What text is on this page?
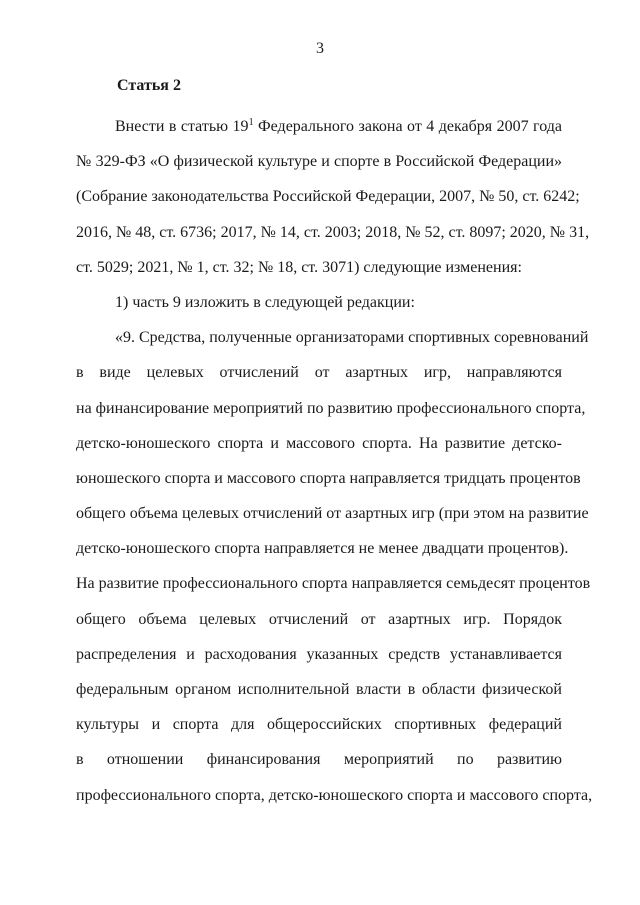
3
Статья 2
Внести в статью $19^1$ Федерального закона от 4 декабря 2007 года
№ 329-ФЗ «О физической культуре и спорте в Российской Федерации»
(Собрание законодательства Российской Федерации, 2007, № 50, ст. 6242;
2016, № 48, ст. 6736; 2017, № 14, ст. 2003; 2018, № 52, ст. 8097; 2020, № 31,
ст. 5029; 2021, № 1, ст. 32; № 18, ст. 3071) следующие изменения:
1) часть 9 изложить в следующей редакции:
«9. Средства, полученные организаторами спортивных соревнований
в виде целевых отчислений от азартных игр, направляются
на финансирование мероприятий по развитию профессионального спорта,
детско-юношеского спорта и массового спорта. На развитие детско-
юношеского спорта и массового спорта направляется тридцать процентов
общего объема целевых отчислений от азартных игр (при этом на развитие
детско-юношеского спорта направляется не менее двадцати процентов).
На развитие профессионального спорта направляется семьдесят процентов
общего объема целевых отчислений от азартных игр. Порядок
распределения и расходования указанных средств устанавливается
федеральным органом исполнительной власти в области физической
культуры и спорта для общероссийских спортивных федераций
в отношении финансирования мероприятий по развитию
профессионального спорта, детско-юношеского спорта и массового спорта,
